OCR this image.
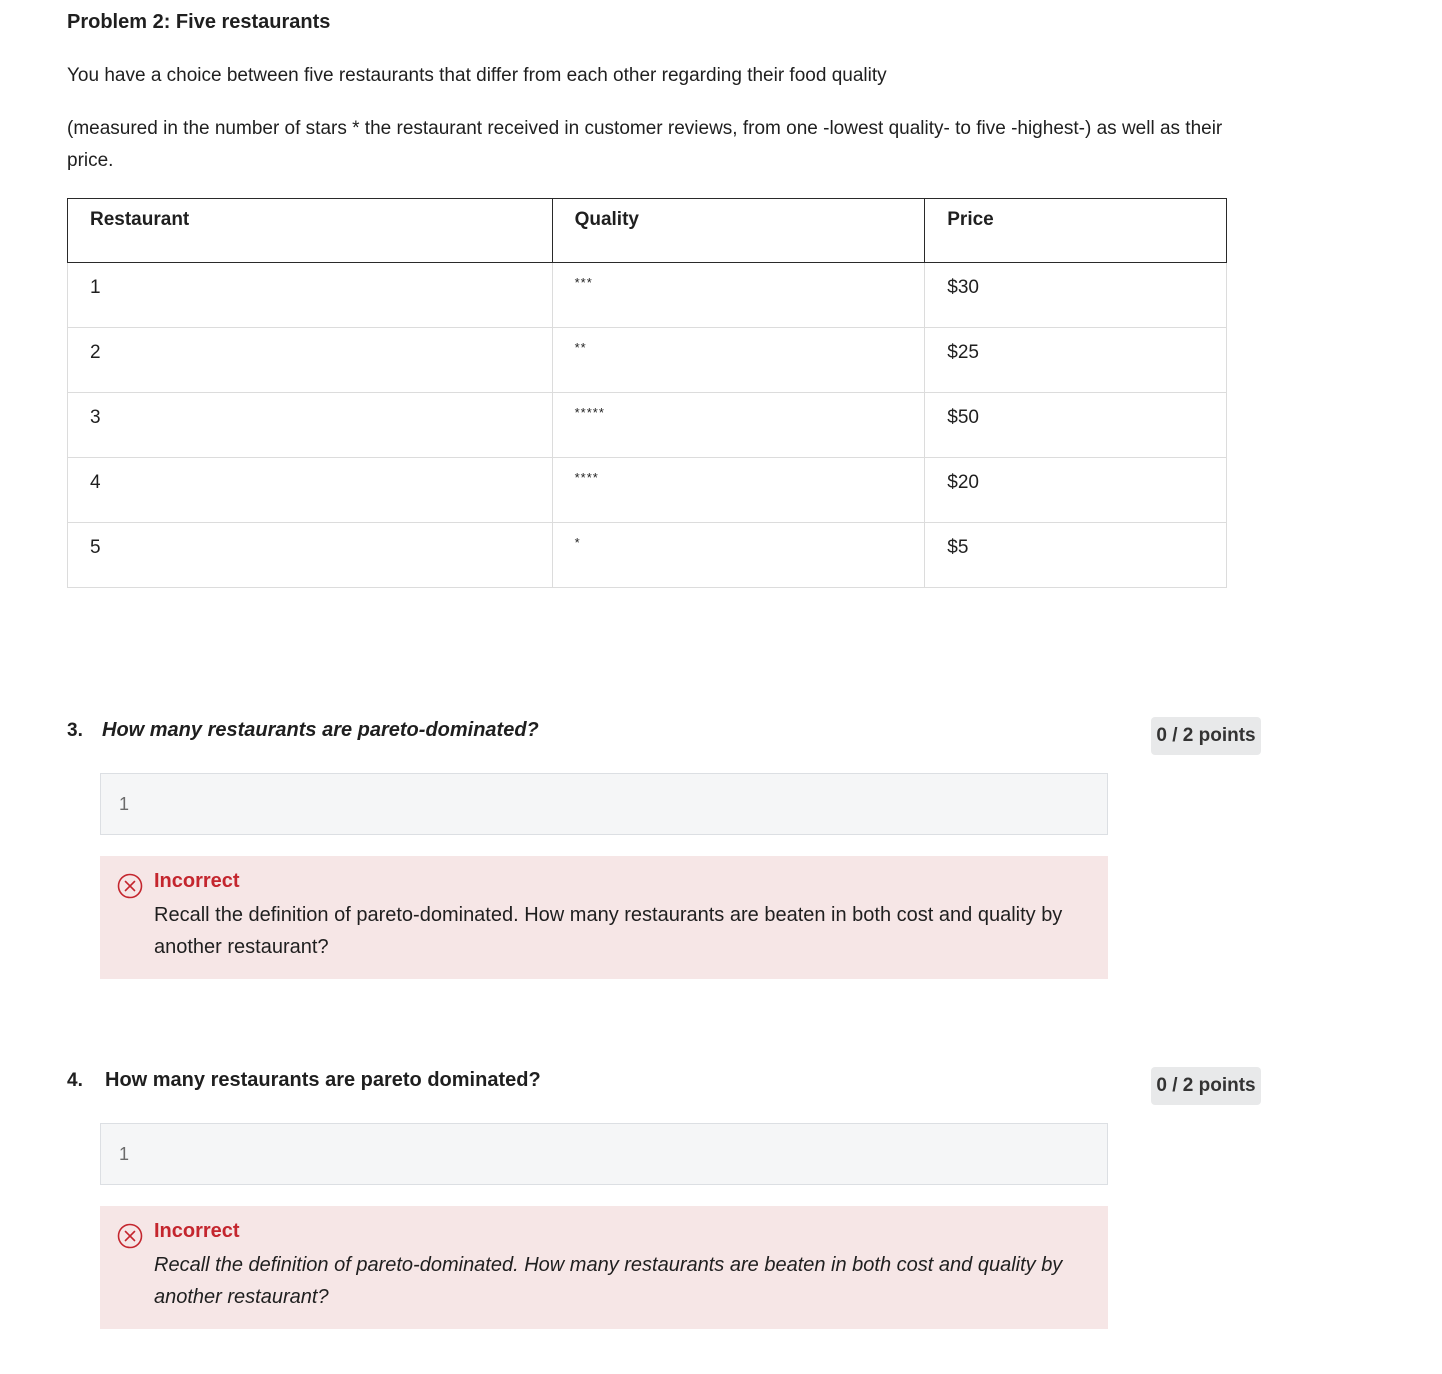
Problem 2: Five restaurants
You have a choice between five restaurants that differ from each other regarding their food quality
(measured in the number of stars * the restaurant received in customer reviews, from one -lowest quality- to five -highest-) as well as their price.
Restaurant	Quality	Price
1	***	$30
2	**	$25
3	*****	$50
4	****	$20
5	*	$5
3. How many restaurants are pareto-dominated?	0 / 2 points
1
Incorrect
Recall the definition of pareto-dominated. How many restaurants are beaten in both cost and quality by another restaurant?
4. How many restaurants are pareto dominated?	0 / 2 points
1
Incorrect
Recall the definition of pareto-dominated. How many restaurants are beaten in both cost and quality by another restaurant?
